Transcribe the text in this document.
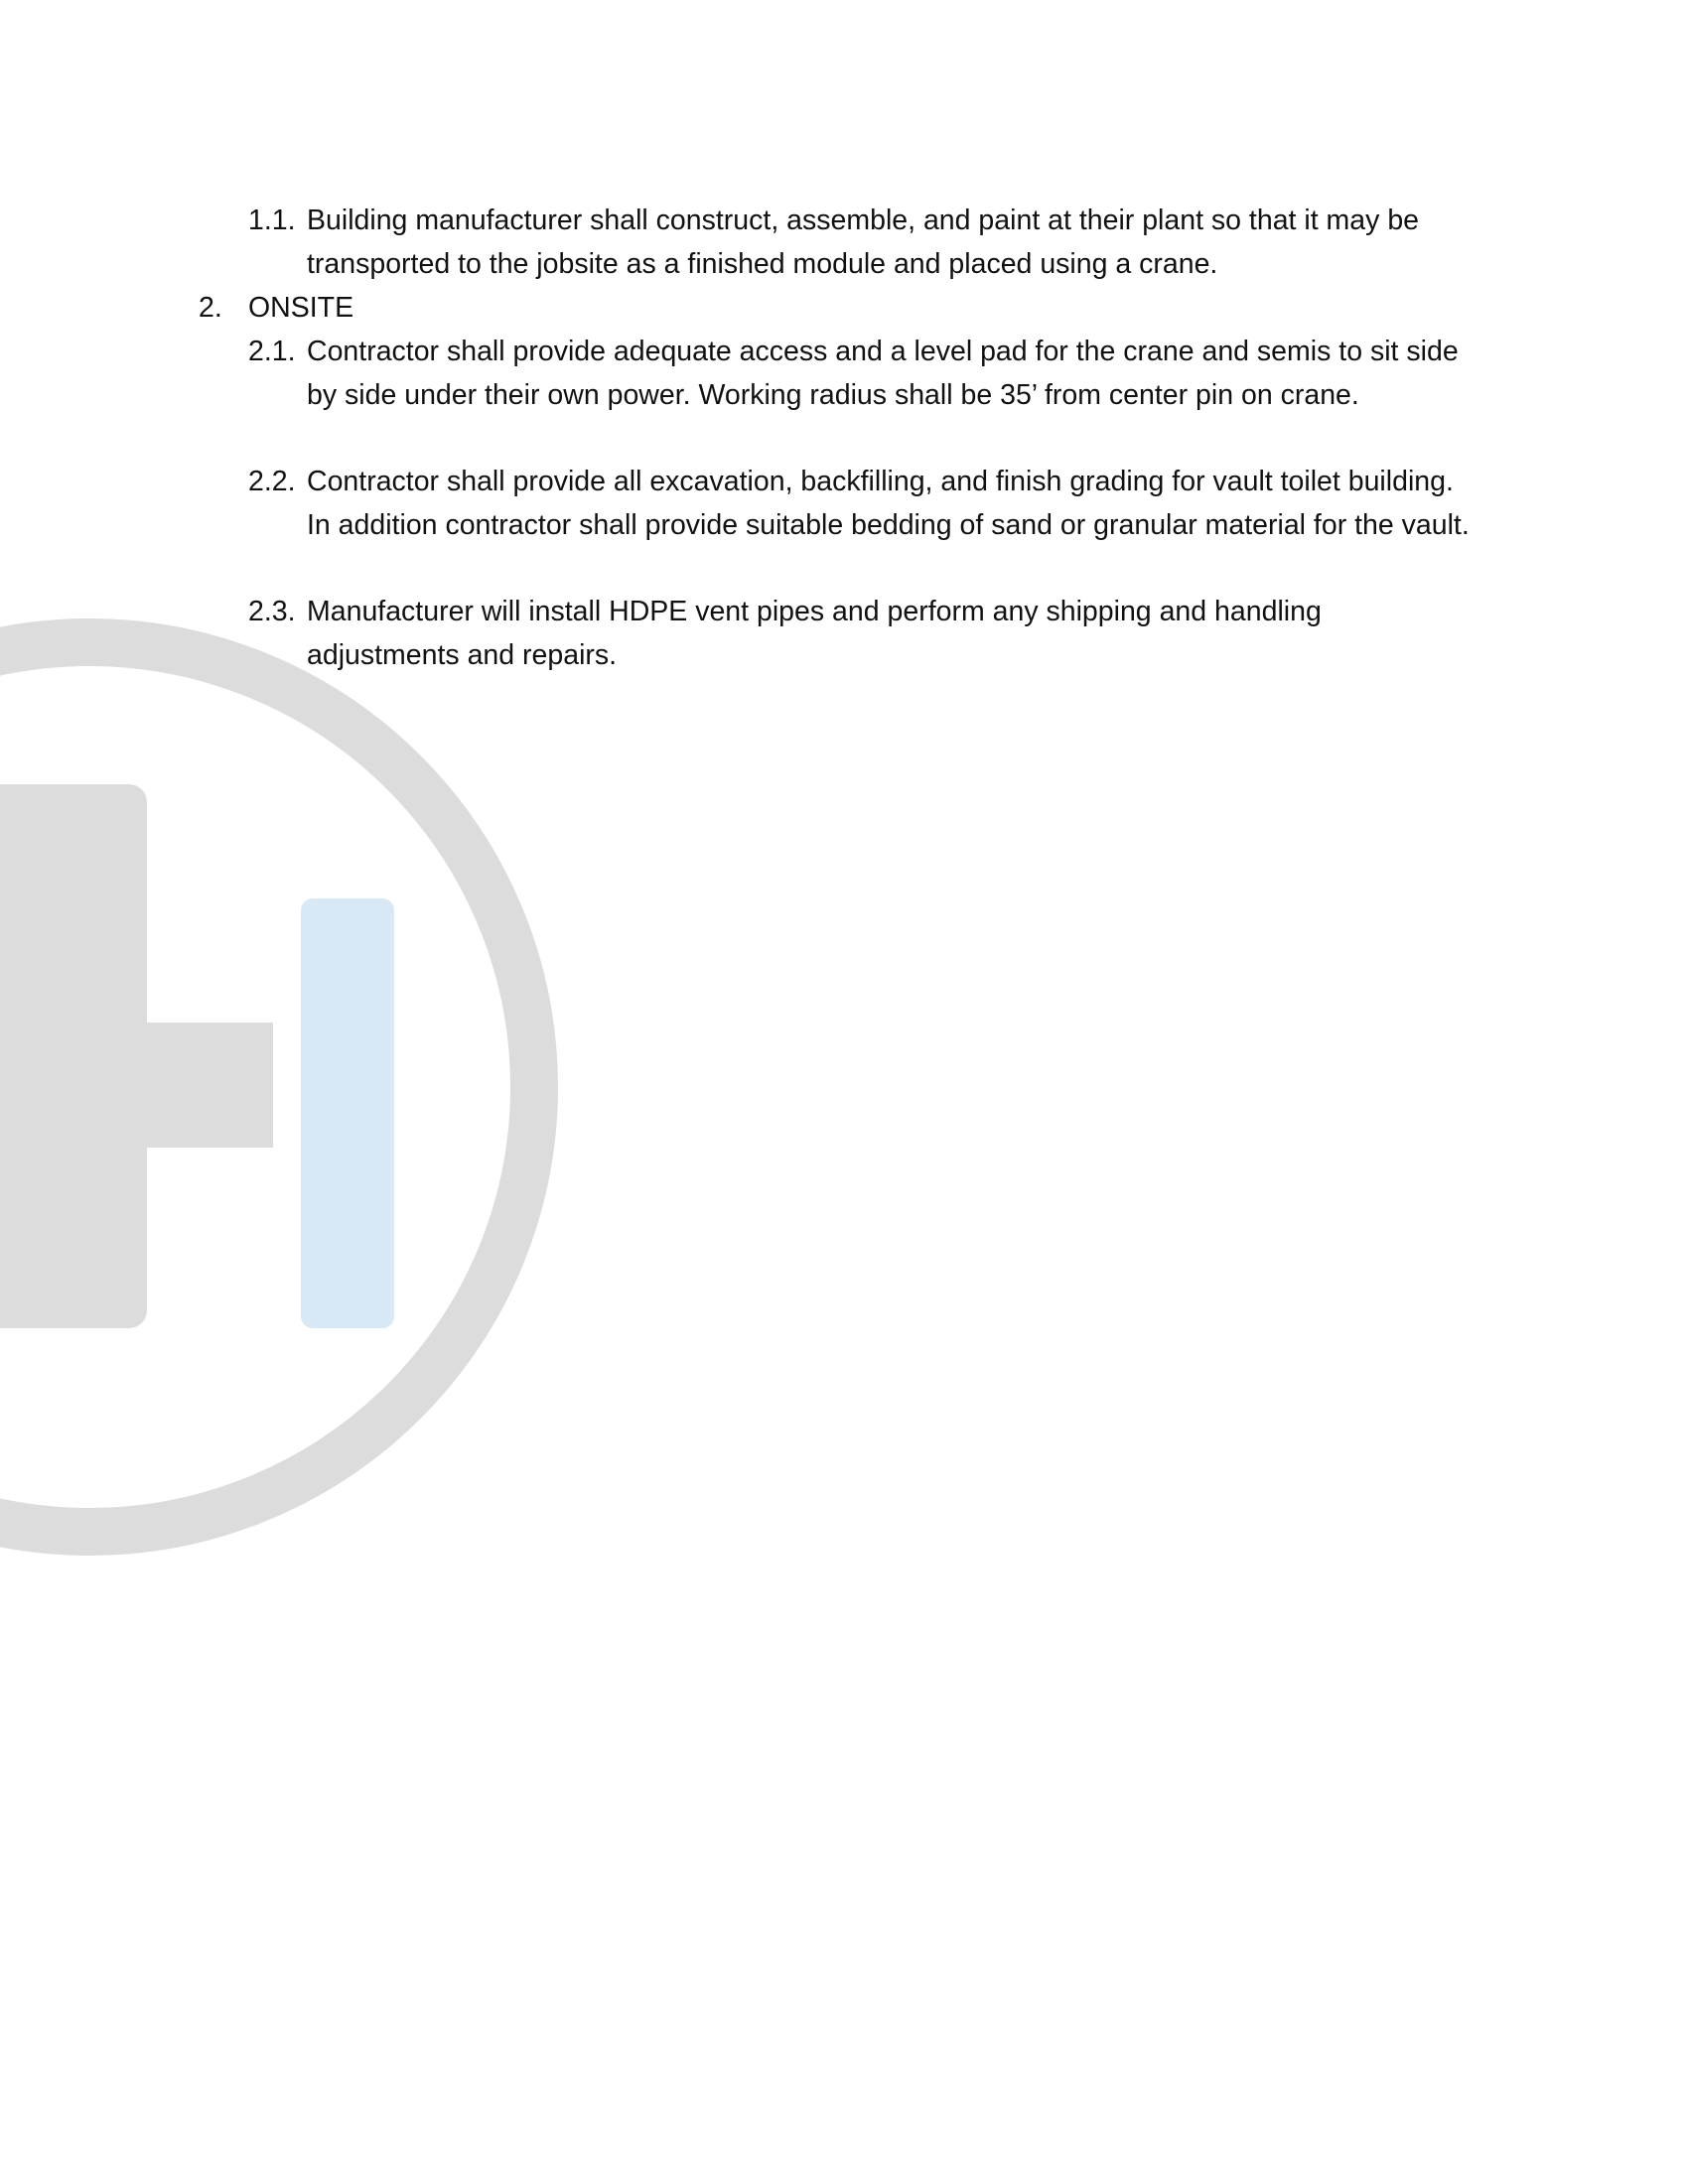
1.1. Building manufacturer shall construct, assemble, and paint at their plant so that it may be transported to the jobsite as a finished module and placed using a crane.
2. ONSITE
2.1. Contractor shall provide adequate access and a level pad for the crane and semis to sit side by side under their own power. Working radius shall be 35’ from center pin on crane.
2.2. Contractor shall provide all excavation, backfilling, and finish grading for vault toilet building. In addition contractor shall provide suitable bedding of sand or granular material for the vault.
2.3. Manufacturer will install HDPE vent pipes and perform any shipping and handling adjustments and repairs.
